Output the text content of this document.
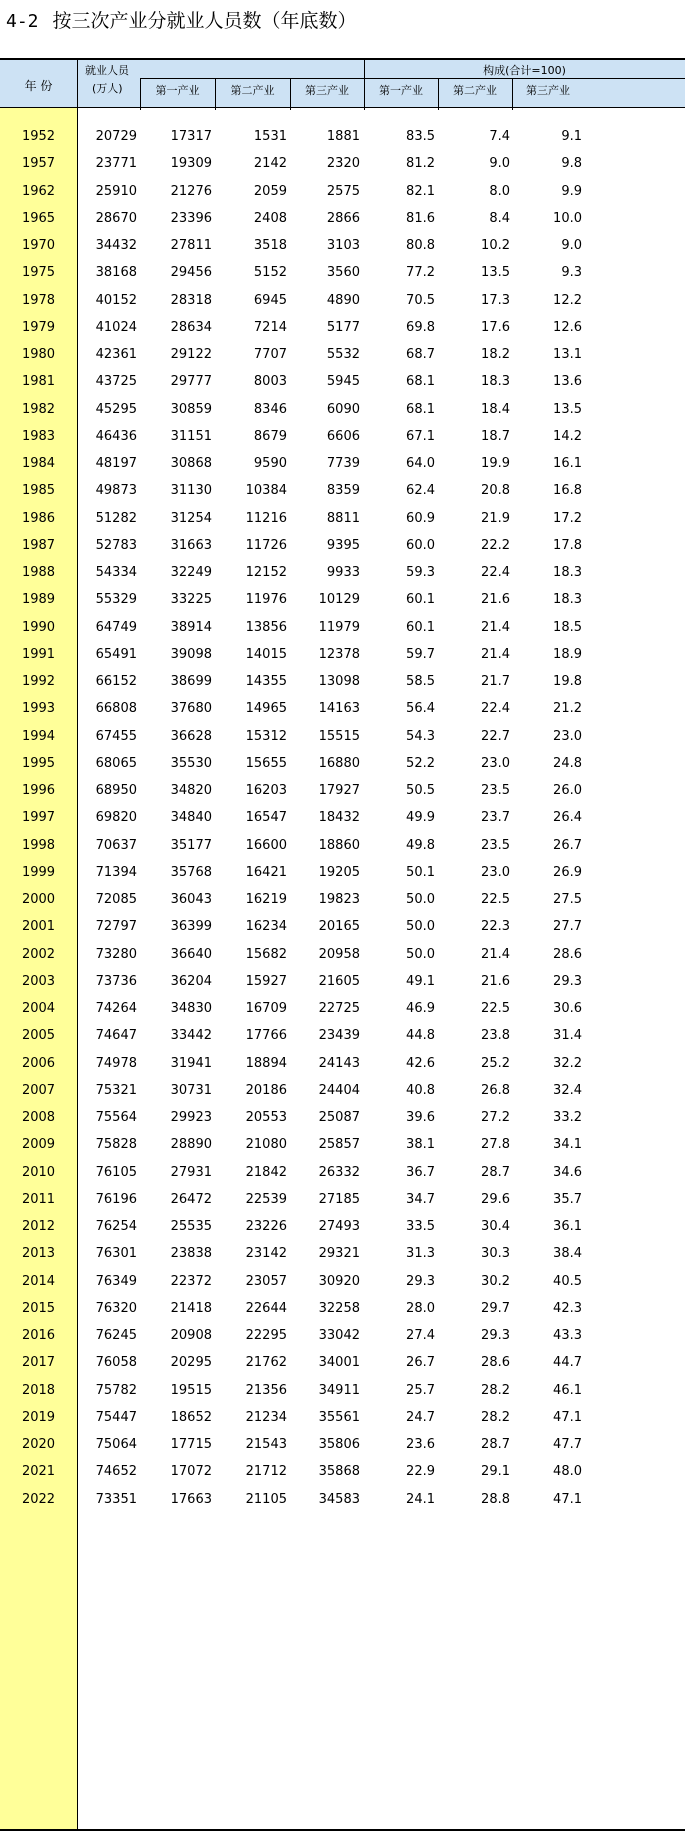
4-2 按三次产业分就业人员数（年底数）
年 份
就业人员
(万人)
构成(合计=100)
第一产业	第二产业	第三产业	第一产业	第二产业	第三产业
1952	20729	17317	1531	1881	83.5	7.4	9.1
1957	23771	19309	2142	2320	81.2	9.0	9.8
1962	25910	21276	2059	2575	82.1	8.0	9.9
1965	28670	23396	2408	2866	81.6	8.4	10.0
1970	34432	27811	3518	3103	80.8	10.2	9.0
1975	38168	29456	5152	3560	77.2	13.5	9.3
1978	40152	28318	6945	4890	70.5	17.3	12.2
1979	41024	28634	7214	5177	69.8	17.6	12.6
1980	42361	29122	7707	5532	68.7	18.2	13.1
1981	43725	29777	8003	5945	68.1	18.3	13.6
1982	45295	30859	8346	6090	68.1	18.4	13.5
1983	46436	31151	8679	6606	67.1	18.7	14.2
1984	48197	30868	9590	7739	64.0	19.9	16.1
1985	49873	31130	10384	8359	62.4	20.8	16.8
1986	51282	31254	11216	8811	60.9	21.9	17.2
1987	52783	31663	11726	9395	60.0	22.2	17.8
1988	54334	32249	12152	9933	59.3	22.4	18.3
1989	55329	33225	11976 10129	60.1	21.6	18.3
1990	64749	38914	13856 11979	60.1	21.4	18.5
1991	65491	39098	14015 12378	59.7	21.4	18.9
1992	66152	38699	14355 13098	58.5	21.7	19.8
1993	66808	37680	14965 14163	56.4	22.4	21.2
1994	67455	36628	15312 15515	54.3	22.7	23.0
1995	68065	35530	15655 16880	52.2	23.0	24.8
1996	68950	34820	16203 17927	50.5	23.5	26.0
1997	69820	34840	16547 18432	49.9	23.7	26.4
1998	70637	35177	16600 18860	49.8	23.5	26.7
1999	71394	35768	16421 19205	50.1	23.0	26.9
2000	72085	36043	16219 19823	50.0	22.5	27.5
2001	72797	36399	16234 20165	50.0	22.3	27.7
2002	73280	36640	15682 20958	50.0	21.4	28.6
2003	73736	36204	15927 21605	49.1	21.6	29.3
2004	74264	34830	16709 22725	46.9	22.5	30.6
2005	74647	33442	17766 23439	44.8	23.8	31.4
2006	74978	31941	18894 24143	42.6	25.2	32.2
2007	75321	30731	20186 24404	40.8	26.8	32.4
2008	75564	29923	20553 25087	39.6	27.2	33.2
2009	75828	28890	21080 25857	38.1	27.8	34.1
2010	76105	27931	21842 26332	36.7	28.7	34.6
2011	76196	26472	22539 27185	34.7	29.6	35.7
2012	76254	25535	23226 27493	33.5	30.4	36.1
2013	76301	23838	23142 29321	31.3	30.3	38.4
2014	76349	22372	23057 30920	29.3	30.2	40.5
2015	76320	21418	22644 32258	28.0	29.7	42.3
2016	76245	20908	22295 33042	27.4	29.3	43.3
2017	76058	20295	21762 34001	26.7	28.6	44.7
2018	75782	19515	21356 34911	25.7	28.2	46.1
2019	75447	18652	21234 35561	24.7	28.2	47.1
2020	75064	17715	21543 35806	23.6	28.7	47.7
2021	74652	17072	21712 35868	22.9	29.1	48.0
2022	73351	17663	21105 34583	24.1	28.8	47.1
